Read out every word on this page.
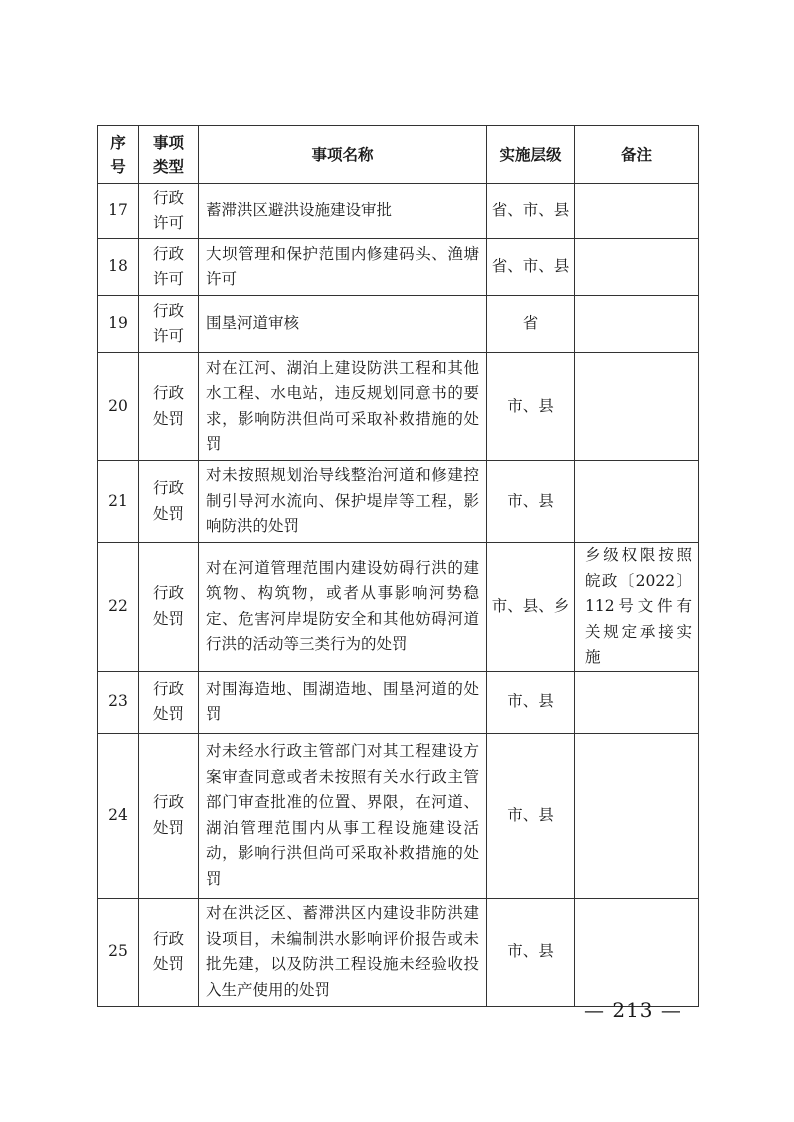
序号	事项类型	事项名称	实施层级	备注
17	行政许可	蓄滞洪区避洪设施建设审批	省、市、县	
18	行政许可	大坝管理和保护范围内修建码头、渔塘许可	省、市、县	
19	行政许可	围垦河道审核	省	
20	行政处罚	对在江河、湖泊上建设防洪工程和其他水工程、水电站，违反规划同意书的要求，影响防洪但尚可采取补救措施的处罚	市、县	
21	行政处罚	对未按照规划治导线整治河道和修建控制引导河水流向、保护堤岸等工程，影响防洪的处罚	市、县	
22	行政处罚	对在河道管理范围内建设妨碍行洪的建筑物、构筑物，或者从事影响河势稳定、危害河岸堤防安全和其他妨碍河道行洪的活动等三类行为的处罚	市、县、乡	乡级权限按照皖政〔2022〕112号文件有关规定承接实施
23	行政处罚	对围海造地、围湖造地、围垦河道的处罚	市、县	
24	行政处罚	对未经水行政主管部门对其工程建设方案审查同意或者未按照有关水行政主管部门审查批准的位置、界限，在河道、湖泊管理范围内从事工程设施建设活动，影响行洪但尚可采取补救措施的处罚	市、县	
25	行政处罚	对在洪泛区、蓄滞洪区内建设非防洪建设项目，未编制洪水影响评价报告或未批先建，以及防洪工程设施未经验收投入生产使用的处罚	市、县	
— 213 —
